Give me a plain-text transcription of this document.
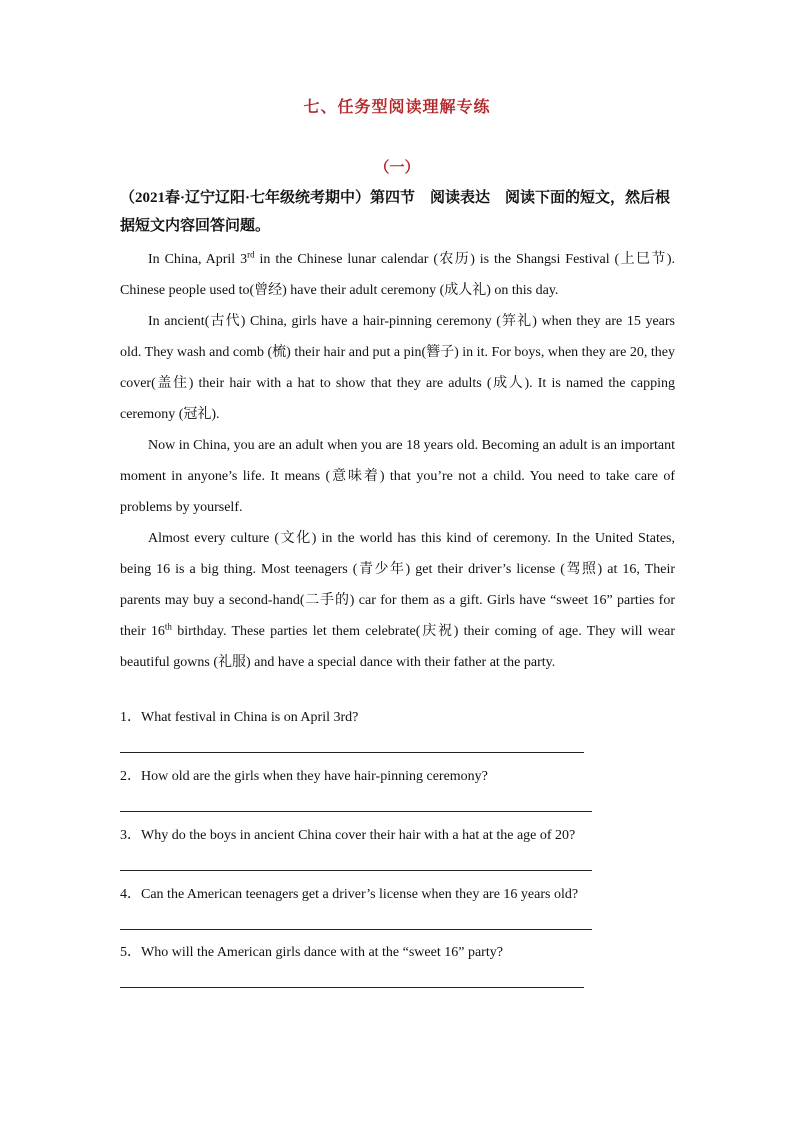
七、任务型阅读理解专练
（一）
（2021春·辽宁辽阳·七年级统考期中）第四节　阅读表达　阅读下面的短文，然后根据短文内容回答问题。

In China, April 3rd in the Chinese lunar calendar (农历) is the Shangsi Festival (上巳节). Chinese people used to(曾经) have their adult ceremony (成人礼) on this day.

In ancient(古代) China, girls have a hair-pinning ceremony (笄礼) when they are 15 years old. They wash and comb (梳) their hair and put a pin(簪子) in it. For boys, when they are 20, they cover(盖住) their hair with a hat to show that they are adults (成人). It is named the capping ceremony (冠礼).

Now in China, you are an adult when you are 18 years old. Becoming an adult is an important moment in anyone’s life. It means (意味着) that you’re not a child. You need to take care of problems by yourself.

Almost every culture (文化) in the world has this kind of ceremony. In the United States, being 16 is a big thing. Most teenagers (青少年) get their driver’s license (驾照) at 16, Their parents may buy a second-hand(二手的) car for them as a gift. Girls have “sweet 16” parties for their 16th birthday. These parties let them celebrate(庆祝) their coming of age. They will wear beautiful gowns (礼服) and have a special dance with their father at the party.

1．What festival in China is on April 3rd?
2．How old are the girls when they have hair-pinning ceremony?
3．Why do the boys in ancient China cover their hair with a hat at the age of 20?
4．Can the American teenagers get a driver’s license when they are 16 years old?
5．Who will the American girls dance with at the “sweet 16” party?
